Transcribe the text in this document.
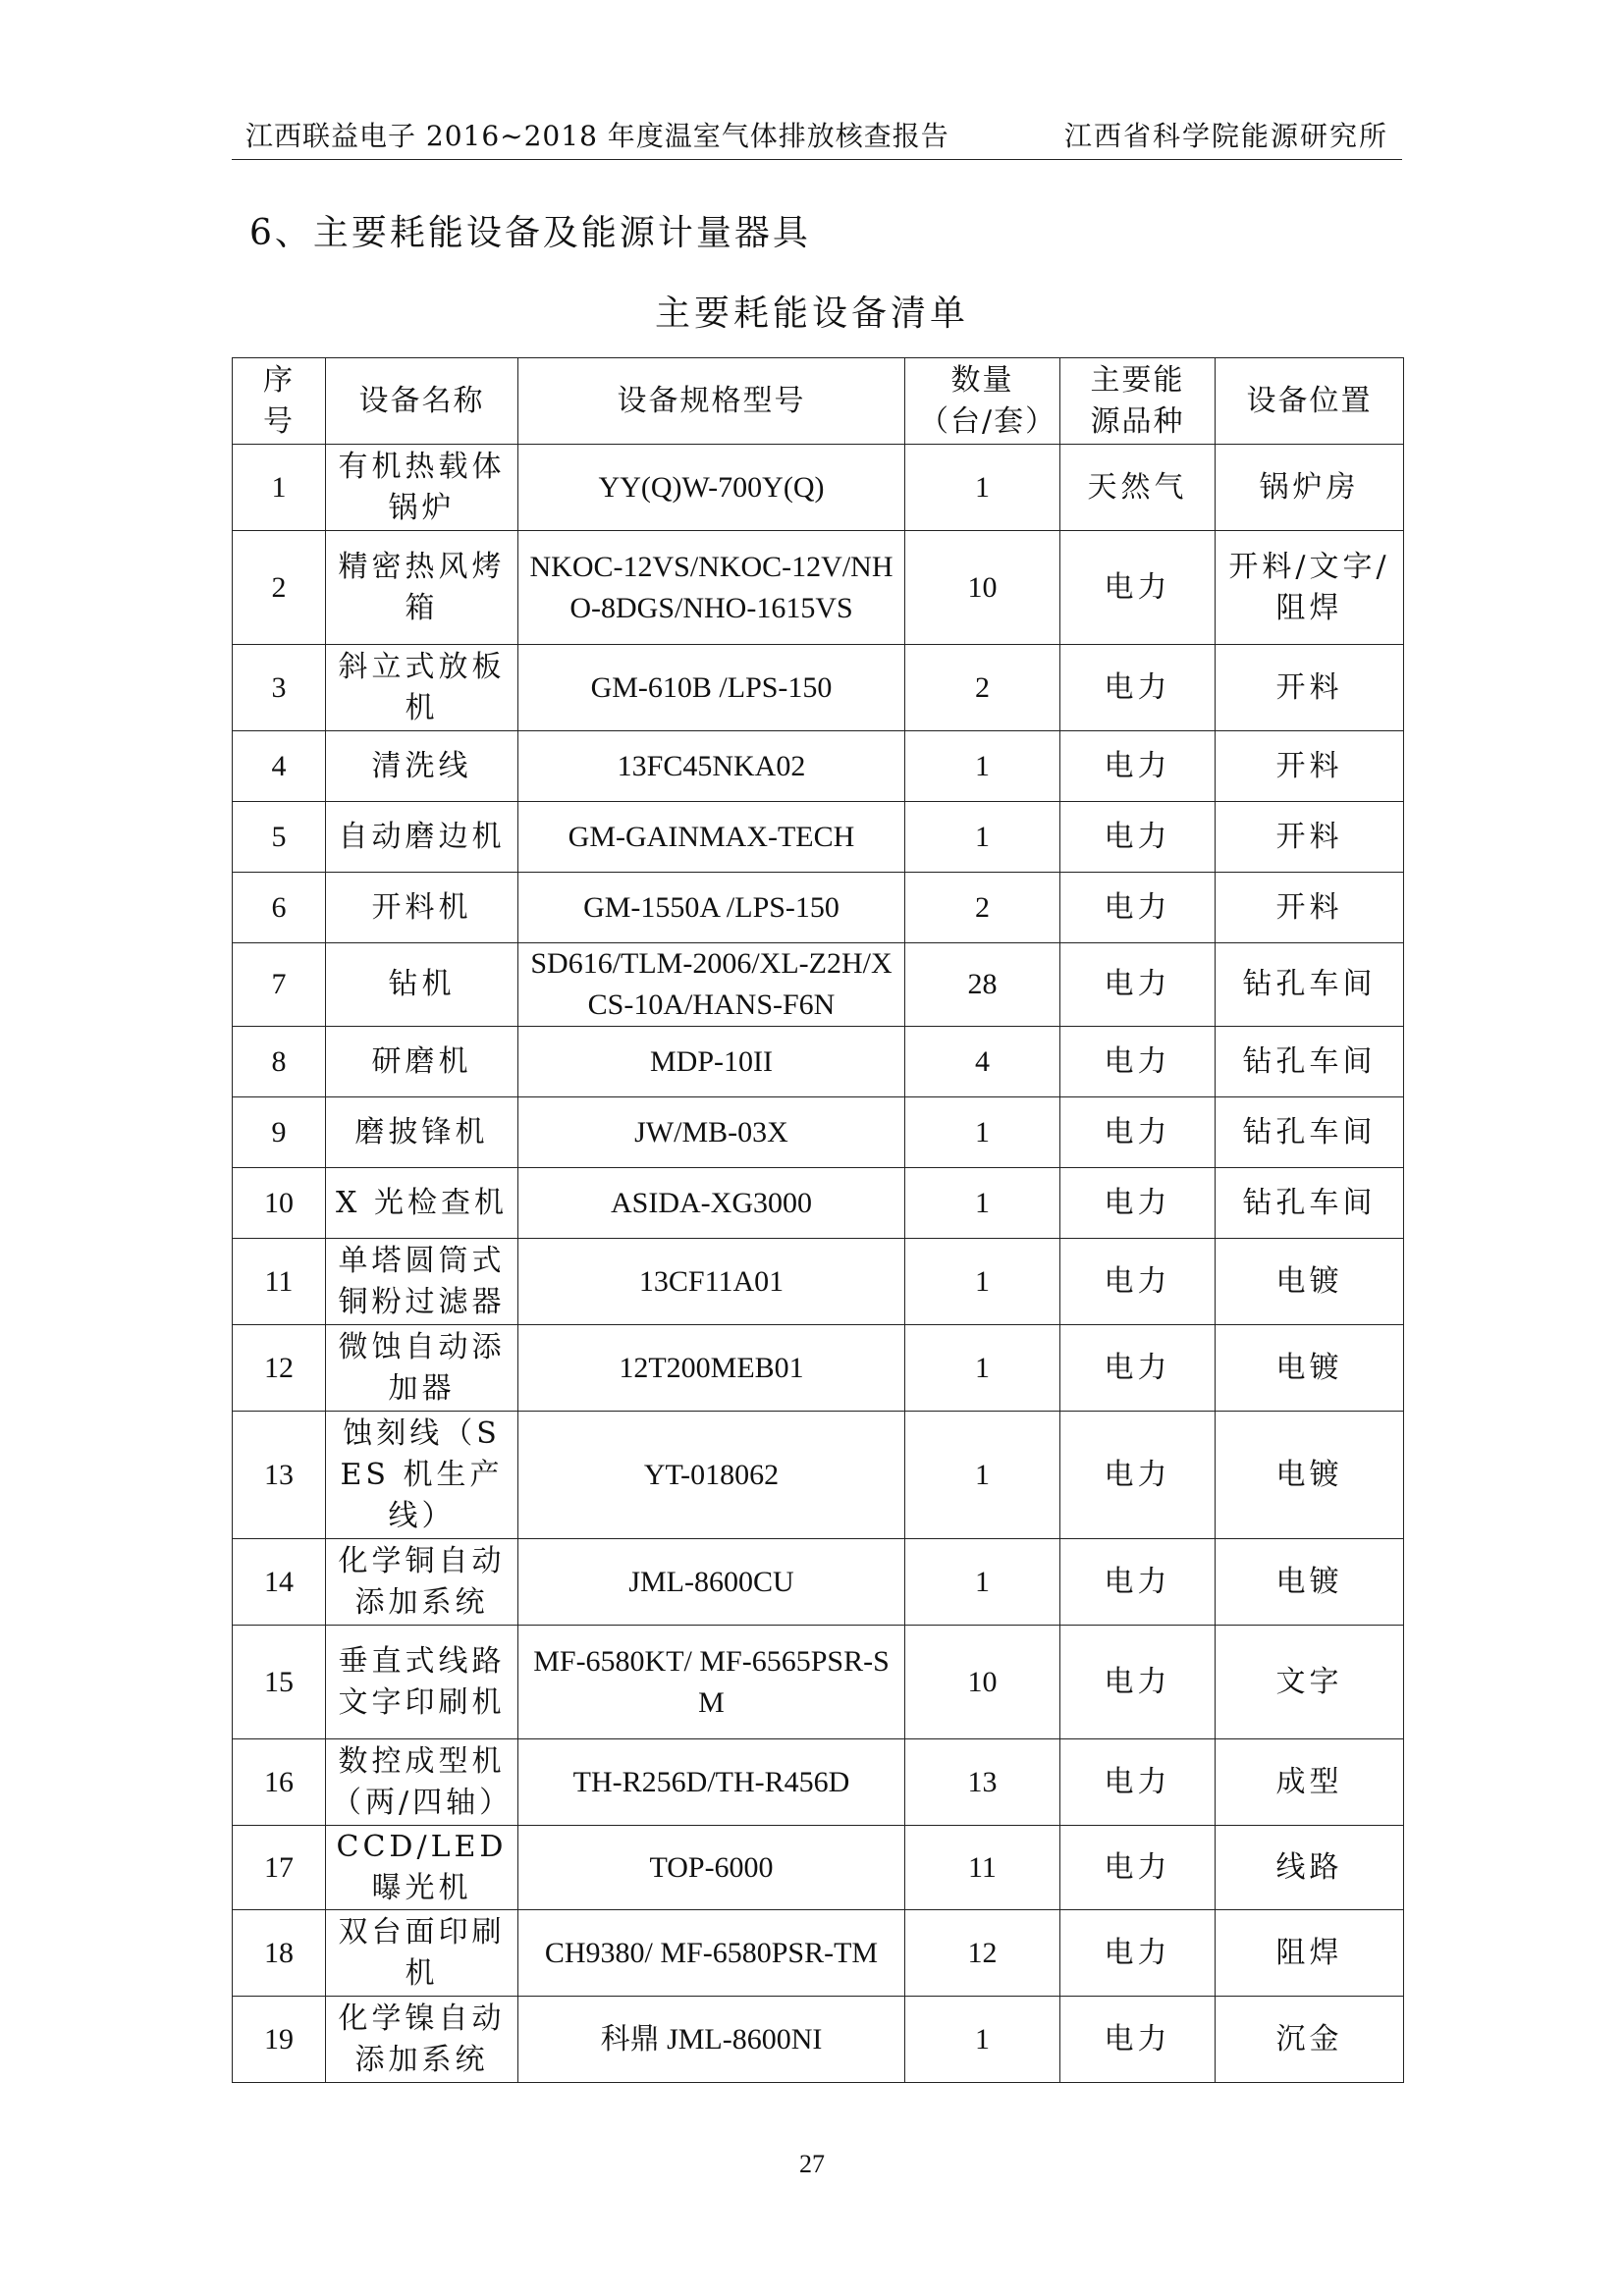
江西联益电子 2016~2018 年度温室气体排放核查报告	江西省科学院能源研究所
6、主要耗能设备及能源计量器具
主要耗能设备清单
序号	设备名称	设备规格型号	数量（台/套）	主要能源品种	设备位置
1	有机热载体锅炉	YY(Q)W-700Y(Q)	1	天然气	锅炉房
2	精密热风烤箱	NKOC-12VS/NKOC-12V/NHO-8DGS/NHO-1615VS	10	电力	开料/文字/阻焊
3	斜立式放板机	GM-610B /LPS-150	2	电力	开料
4	清洗线	13FC45NKA02	1	电力	开料
5	自动磨边机	GM-GAINMAX-TECH	1	电力	开料
6	开料机	GM-1550A /LPS-150	2	电力	开料
7	钻机	SD616/TLM-2006/XL-Z2H/XCS-10A/HANS-F6N	28	电力	钻孔车间
8	研磨机	MDP-10II	4	电力	钻孔车间
9	磨披锋机	JW/MB-03X	1	电力	钻孔车间
10	X 光检查机	ASIDA-XG3000	1	电力	钻孔车间
11	单塔圆筒式铜粉过滤器	13CF11A01	1	电力	电镀
12	微蚀自动添加器	12T200MEB01	1	电力	电镀
13	蚀刻线（SES 机生产线）	YT-018062	1	电力	电镀
14	化学铜自动添加系统	JML-8600CU	1	电力	电镀
15	垂直式线路文字印刷机	MF-6580KT/ MF-6565PSR-SM	10	电力	文字
16	数控成型机（两/四轴）	TH-R256D/TH-R456D	13	电力	成型
17	CCD/LED 曝光机	TOP-6000	11	电力	线路
18	双台面印刷机	CH9380/ MF-6580PSR-TM	12	电力	阻焊
19	化学镍自动添加系统	科鼎 JML-8600NI	1	电力	沉金
27
